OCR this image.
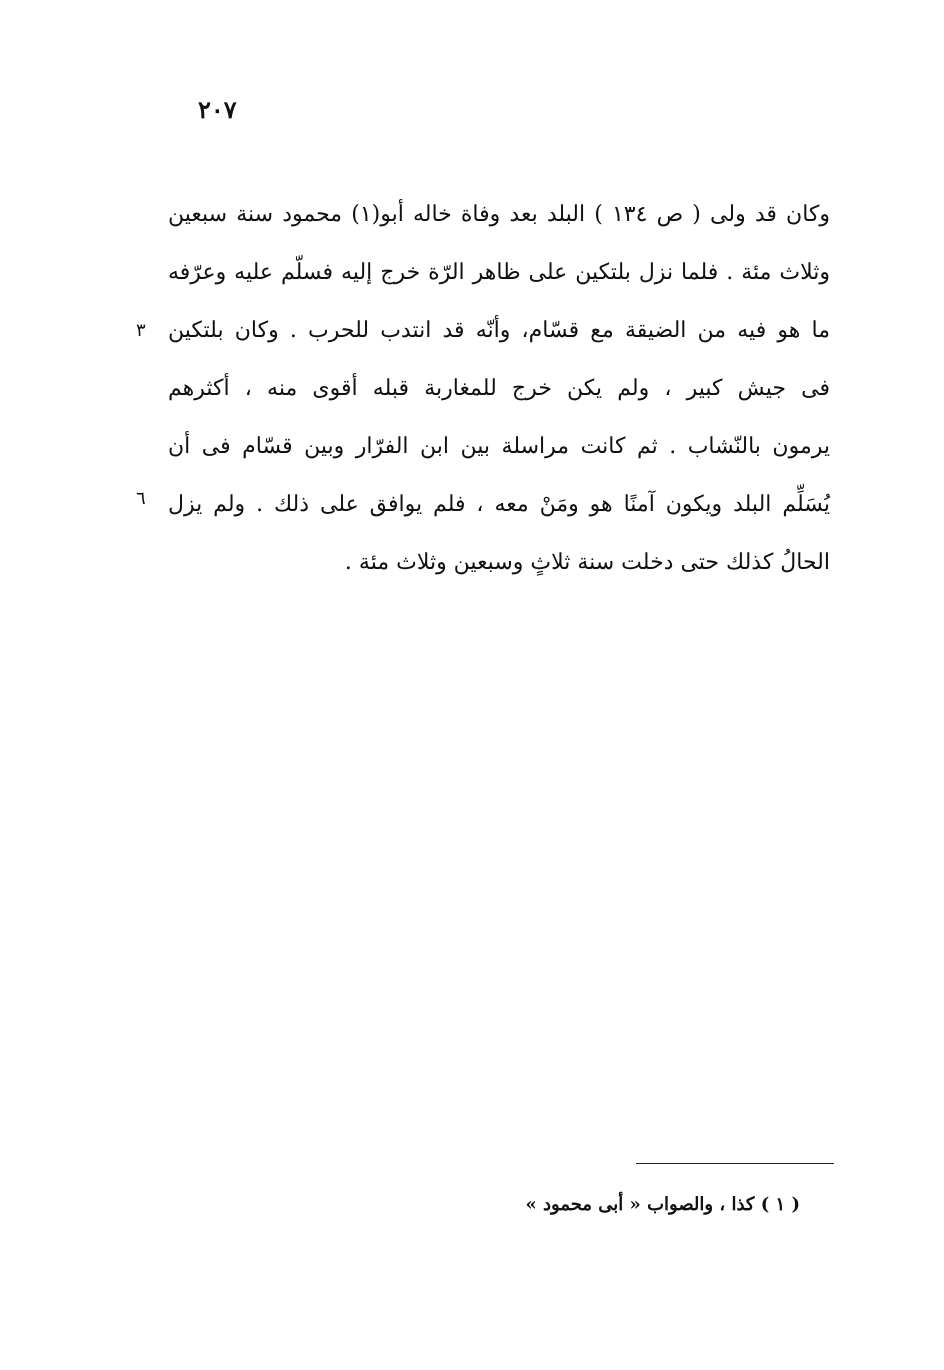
٢٠٧
وكان قد ولى ( ص ١٣٤ ) البلد بعد وفاة خاله أبو(١) محمود سنة سبعين
وثلاث مئة . فلما نزل بلتكين على ظاهر الرّة خرج إليه فسلّم عليه وعرّفه
ما هو فيه من الضيقة مع قسّام، وأنّه قد انتدب للحرب . وكان بلتكين
فى جيش كبير ، ولم يكن خرج للمغاربة قبله أقوى منه ، أكثرهم
يرمون بالنّشاب . ثم كانت مراسلة بين ابن الفرّار وبين قسّام فى أن
يُسَلِّم البلد ويكون آمنًا هو ومَنْ معه ، فلم يوافق على ذلك . ولم يزل
الحالُ كذلك حتى دخلت سنة ثلاثٍ وسبعين وثلاث مئة .
٣
٦
( ١ ) كذا ، والصواب « أبى محمود »
